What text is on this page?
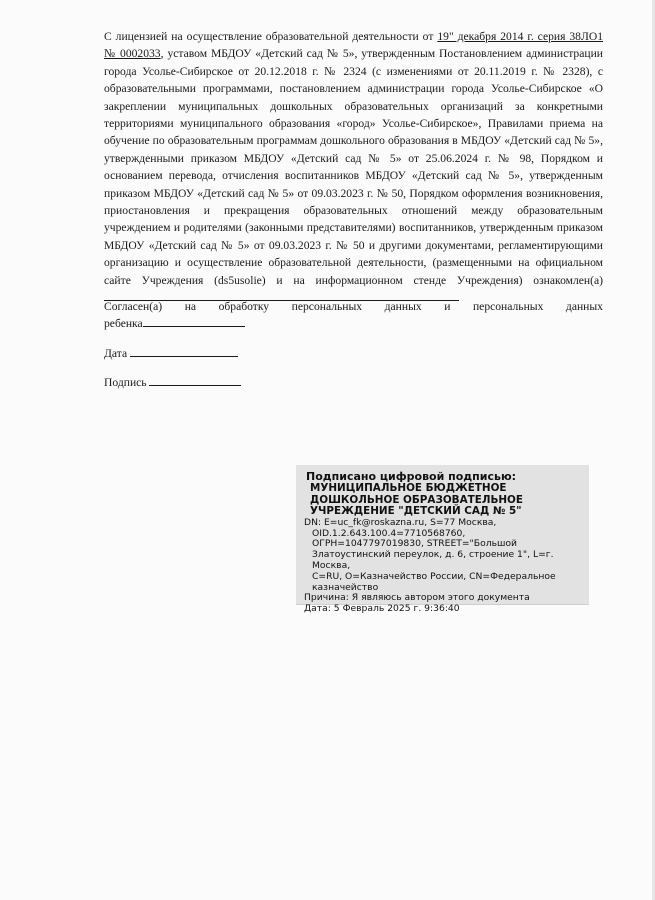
С лицензией на осуществление образовательной деятельности от 19" декабря 2014 г. серия 38ЛО1 № 0002033, уставом МБДОУ «Детский сад № 5», утвержденным Постановлением администрации города Усолье-Сибирское от 20.12.2018 г. № 2324 (с изменениями от 20.11.2019 г. № 2328), с образовательными программами, постановлением администрации города Усолье-Сибирское «О закреплении муниципальных дошкольных образовательных организаций за конкретными территориями муниципального образования «город» Усолье-Сибирское», Правилами приема на обучение по образовательным программам дошкольного образования в МБДОУ «Детский сад № 5», утвержденными приказом МБДОУ «Детский сад № 5» от 25.06.2024 г. № 98, Порядком и основанием перевода, отчисления воспитанников МБДОУ «Детский сад № 5», утвержденным приказом МБДОУ «Детский сад № 5» от 09.03.2023 г. № 50, Порядком оформления возникновения, приостановления и прекращения образовательных отношений между образовательным учреждением и родителями (законными представителями) воспитанников, утвержденным приказом МБДОУ «Детский сад № 5» от 09.03.2023 г. № 50 и другими документами, регламентирующими организацию и осуществление образовательной деятельности, (размещенными на официальном сайте Учреждения (ds5usolie) и на информационном стенде Учреждения) ознакомлен(а)

Согласен(а) на обработку персональных данных и персональных данных
ребенка
Дата
Подпись

Подписано цифровой подписью:

МУНИЦИПАЛЬНОЕ БЮДЖЕТНОЕ

ДОШКОЛЬНОЕ ОБРАЗОВАТЕЛЬНОЕ

УЧРЕЖДЕНИЕ "ДЕТСКИЙ САД № 5"

DN: E=uc_fk@roskazna.ru, S=77 Москва,

OID.1.2.643.100.4=7710568760,

ОГРН=1047797019830, STREET="Большой

Златоустинский переулок, д. 6, строение 1", L=г. Москва,

C=RU, O=Казначейство России, CN=Федеральное

казначейство

Причина: Я являюсь автором этого документа

Дата: 5 Февраль 2025 г. 9:36:40
